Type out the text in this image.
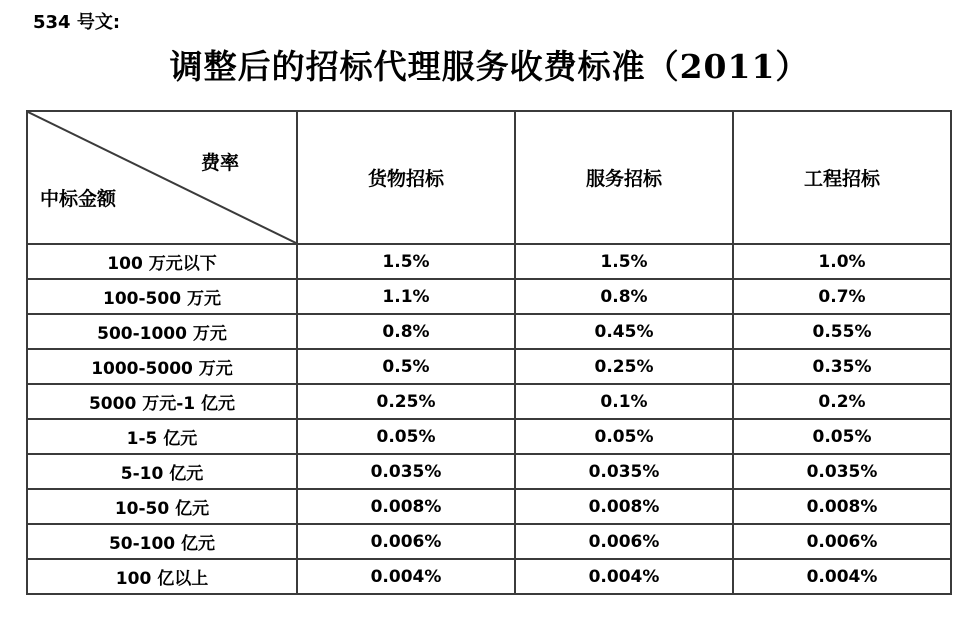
534 号文:
调整后的招标代理服务收费标准（2011）
费率
中标金额	货物招标	服务招标	工程招标
100 万元以下	1.5%	1.5%	1.0%
100-500 万元	1.1%	0.8%	0.7%
500-1000 万元	0.8%	0.45%	0.55%
1000-5000 万元	0.5%	0.25%	0.35%
5000 万元-1 亿元	0.25%	0.1%	0.2%
1-5 亿元	0.05%	0.05%	0.05%
5-10 亿元	0.035%	0.035%	0.035%
10-50 亿元	0.008%	0.008%	0.008%
50-100 亿元	0.006%	0.006%	0.006%
100 亿以上	0.004%	0.004%	0.004%
